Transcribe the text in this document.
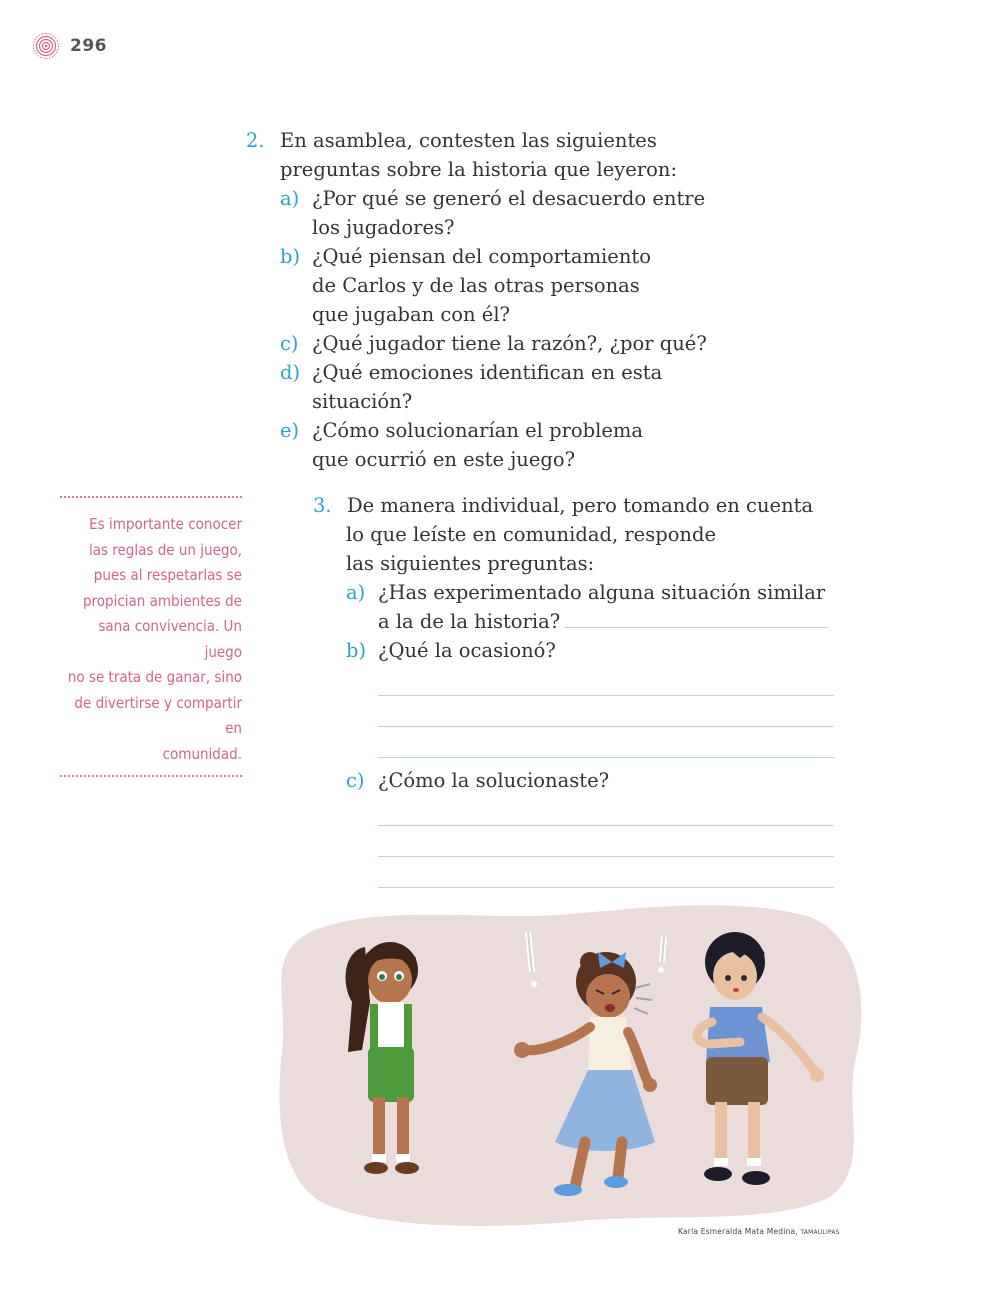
296
2. En asamblea, contesten las siguientes
preguntas sobre la historia que leyeron:
a) ¿Por qué se generó el desacuerdo entre
los jugadores?
b) ¿Qué piensan del comportamiento
de Carlos y de las otras personas
que jugaban con él?
c) ¿Qué jugador tiene la razón?, ¿por qué?
d) ¿Qué emociones identifican en esta
situación?
e) ¿Cómo solucionarían el problema
que ocurrió en este juego?
Es importante conocer
las reglas de un juego,
pues al respetarlas se
propician ambientes de
sana convivencia. Un juego
no se trata de ganar, sino
de divertirse y compartir en
comunidad.
3. De manera individual, pero tomando en cuenta
lo que leíste en comunidad, responde
las siguientes preguntas:
a) ¿Has experimentado alguna situación similar
a la de la historia?
b) ¿Qué la ocasionó?
c) ¿Cómo la solucionaste?
Karla Esmeralda Mata Medina, TAMAULIPAS
